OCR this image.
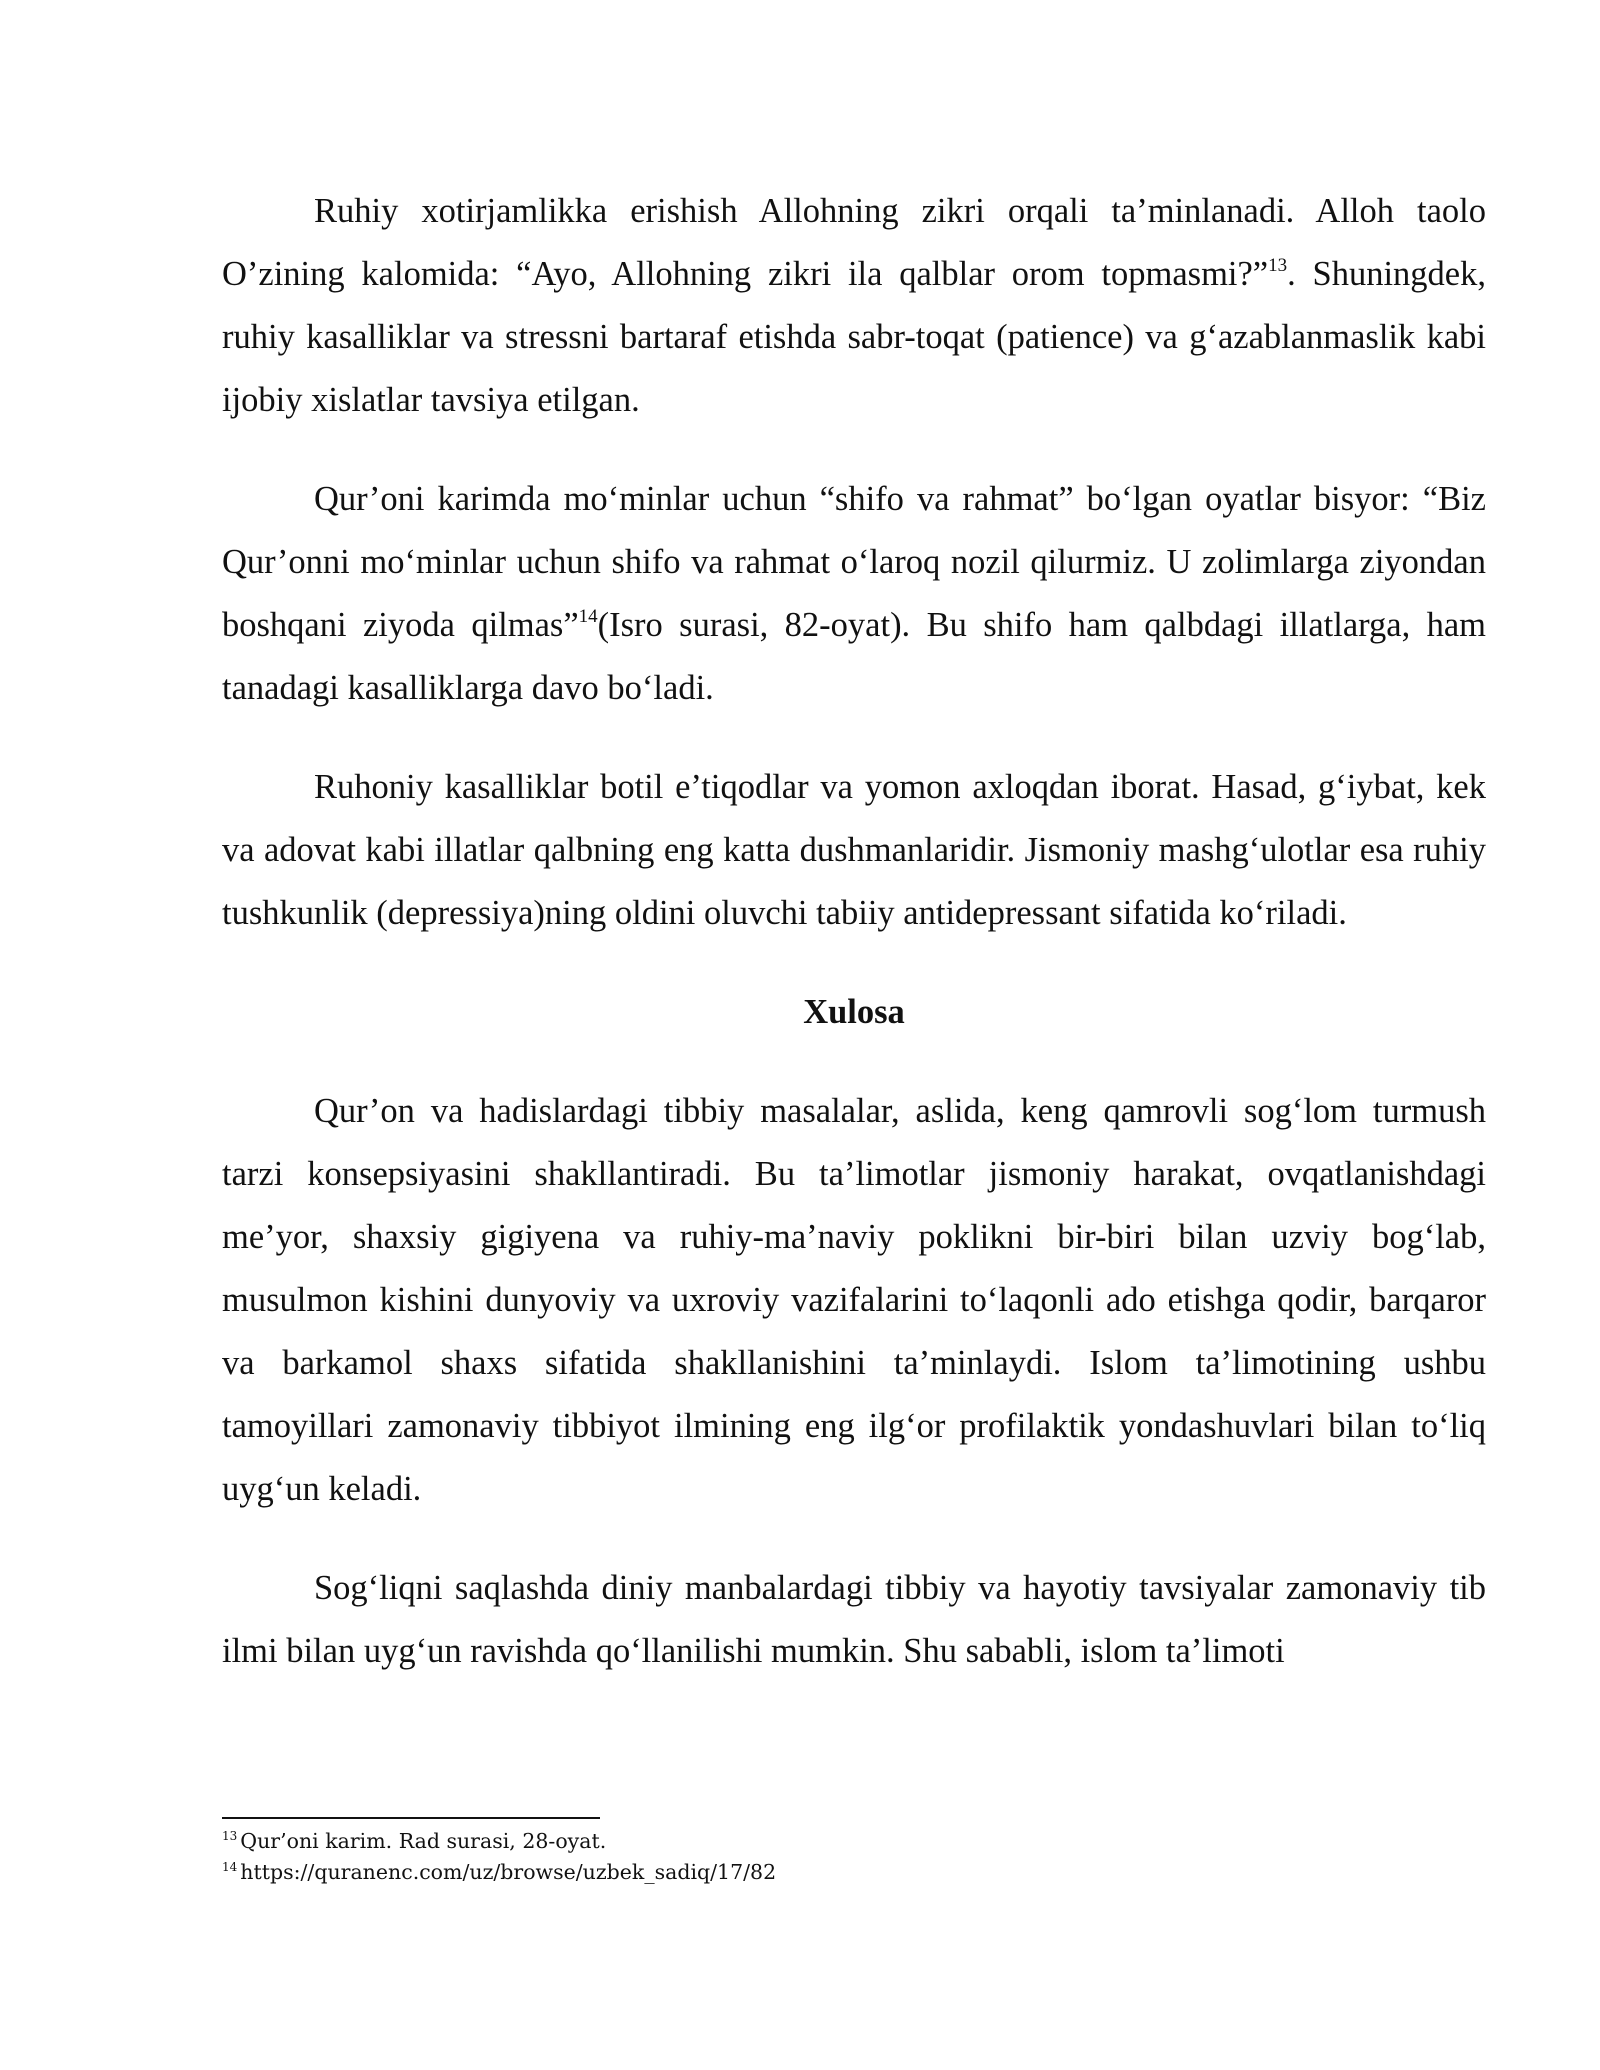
Ruhiy xotirjamlikka erishish Allohning zikri orqali ta’minlanadi. Alloh taolo O’zining kalomida: “Ayo, Allohning zikri ila qalblar orom topmasmi?”$^{13}$. Shuningdek, ruhiy kasalliklar va stressni bartaraf etishda sabr-toqat (patience) va g‘azablanmaslik kabi ijobiy xislatlar tavsiya etilgan.

Qur’oni karimda mo‘minlar uchun “shifo va rahmat” bo‘lgan oyatlar bisyor: “Biz Qur’onni mo‘minlar uchun shifo va rahmat o‘laroq nozil qilurmiz. U zolimlarga ziyondan boshqani ziyoda qilmas”$^{14}$(Isro surasi, 82-oyat). Bu shifo ham qalbdagi illatlarga, ham tanadagi kasalliklarga davo bo‘ladi.

Ruhoniy kasalliklar botil e’tiqodlar va yomon axloqdan iborat. Hasad, g‘iybat, kek va adovat kabi illatlar qalbning eng katta dushmanlaridir. Jismoniy mashg‘ulotlar esa ruhiy tushkunlik (depressiya)ning oldini oluvchi tabiiy antidepressant sifatida ko‘riladi.

Xulosa

Qur’on va hadislardagi tibbiy masalalar, aslida, keng qamrovli sog‘lom turmush tarzi konsepsiyasini shakllantiradi. Bu ta’limotlar jismoniy harakat, ovqatlanishdagi me’yor, shaxsiy gigiyena va ruhiy-ma’naviy poklikni bir-biri bilan uzviy bog‘lab, musulmon kishini dunyoviy va uxroviy vazifalarini to‘laqonli ado etishga qodir, barqaror va barkamol shaxs sifatida shakllanishini ta’minlaydi. Islom ta’limotining ushbu tamoyillari zamonaviy tibbiyot ilmining eng ilg‘or profilaktik yondashuvlari bilan to‘liq uyg‘un keladi.

Sog‘liqni saqlashda diniy manbalardagi tibbiy va hayotiy tavsiyalar zamonaviy tib ilmi bilan uyg‘un ravishda qo‘llanilishi mumkin. Shu sababli, islom ta’limoti

$^{13}$ Qur’oni karim. Rad surasi, 28-oyat.

$^{14}$ https://quranenc.com/uz/browse/uzbek_sadiq/17/82
